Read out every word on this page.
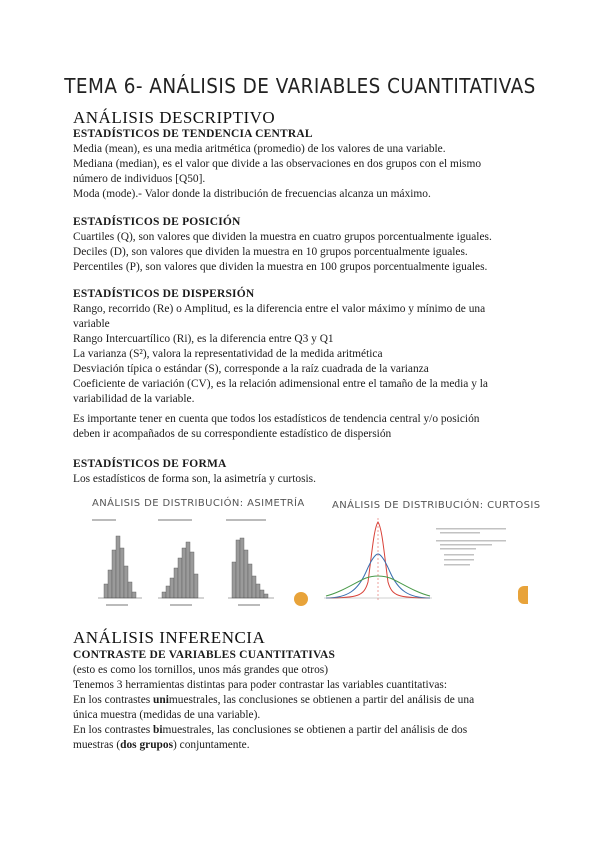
TEMA 6- ANÁLISIS DE VARIABLES CUANTITATIVAS
ANÁLISIS DESCRIPTIVO
ESTADÍSTICOS DE TENDENCIA CENTRAL
Media (mean), es una media aritmética (promedio) de los valores de una variable.
Mediana (median), es el valor que divide a las observaciones en dos grupos con el mismo
número de individuos [Q50].
Moda (mode).- Valor donde la distribución de frecuencias alcanza un máximo.
ESTADÍSTICOS DE POSICIÓN
Cuartiles (Q), son valores que dividen la muestra en cuatro grupos porcentualmente iguales.
Deciles (D), son valores que dividen la muestra en 10 grupos porcentualmente iguales.
Percentiles (P), son valores que dividen la muestra en 100 grupos porcentualmente iguales.
ESTADÍSTICOS DE DISPERSIÓN
Rango, recorrido (Re) o Amplitud, es la diferencia entre el valor máximo y mínimo de una
variable
Rango Intercuartílico (Ri), es la diferencia entre Q3 y Q1
La varianza (S²), valora la representatividad de la medida aritmética
Desviación típica o estándar (S), corresponde a la raíz cuadrada de la varianza
Coeficiente de variación (CV), es la relación adimensional entre el tamaño de la media y la
variabilidad de la variable.
Es importante tener en cuenta que todos los estadísticos de tendencia central y/o posición
deben ir acompañados de su correspondiente estadístico de dispersión
ESTADÍSTICOS DE FORMA
Los estadísticos de forma son, la asimetría y curtosis.
ANÁLISIS DE DISTRIBUCIÓN: ASIMETRÍA	ANÁLISIS DE DISTRIBUCIÓN: CURTOSIS
ANÁLISIS INFERENCIA
CONTRASTE DE VARIABLES CUANTITATIVAS
(esto es como los tornillos, unos más grandes que otros)
Tenemos 3 herramientas distintas para poder contrastar las variables cuantitativas:
En los contrastes unimuestrales, las conclusiones se obtienen a partir del análisis de una
única muestra (medidas de una variable).
En los contrastes bimuestrales, las conclusiones se obtienen a partir del análisis de dos
muestras (dos grupos) conjuntamente.
